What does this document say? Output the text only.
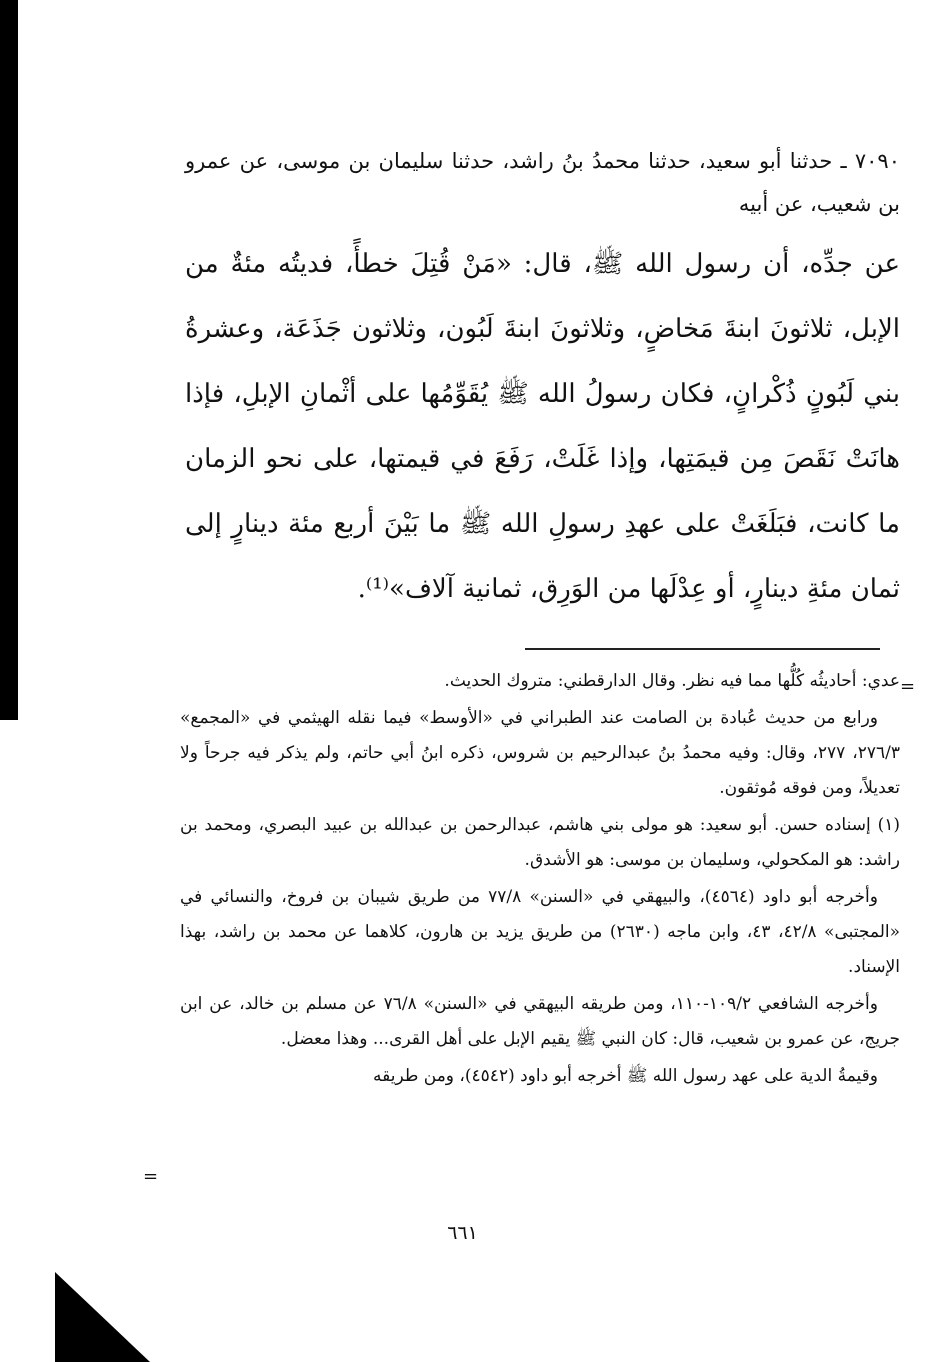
٧٠٩٠ ـ حدثنا أبو سعيد، حدثنا محمدُ بنُ راشد، حدثنا سليمان بن موسى، عن عمرو بن شعيب، عن أبيه

عن جدِّه، أن رسول الله ﷺ، قال: «مَنْ قُتِلَ خطأً، فديتُه مئةٌ من الإبل، ثلاثونَ ابنةَ مَخاضٍ، وثلاثونَ ابنةَ لَبُون، وثلاثون جَذَعَة، وعشرةُ بني لَبُونٍ ذُكْرانٍ، فكان رسولُ الله ﷺ يُقَوِّمُها على أثْمانِ الإبلِ، فإذا هانَتْ نَقَصَ مِن قيمَتِها، وإذا غَلَتْ، رَفَعَ في قيمتها، على نحو الزمان ما كانت، فبَلَغَتْ على عهدِ رسولِ الله ﷺ ما بَيْنَ أربع مئة دينارٍ إلى ثمان مئةِ دينارٍ، أو عِدْلَها من الوَرِق، ثمانية آلاف»⁽¹⁾.

عدي: أحاديثُه كُلُّها مما فيه نظر. وقال الدارقطني: متروك الحديث.

ورابع من حديث عُبادة بن الصامت عند الطبراني في «الأوسط» فيما نقله الهيثمي في «المجمع» ٢٧٦/٣، ٢٧٧، وقال: وفيه محمدُ بنُ عبدالرحيم بن شروس، ذكره ابنُ أبي حاتم، ولم يذكر فيه جرحاً ولا تعديلاً، ومن فوقه مُوثقون.

(١) إسناده حسن. أبو سعيد: هو مولى بني هاشم، عبدالرحمن بن عبدالله بن عبيد البصري، ومحمد بن راشد: هو المكحولي، وسليمان بن موسى: هو الأشدق.

وأخرجه أبو داود (٤٥٦٤)، والبيهقي في «السنن» ٧٧/٨ من طريق شيبان بن فروخ، والنسائي في «المجتبى» ٤٢/٨، ٤٣، وابن ماجه (٢٦٣٠) من طريق يزيد بن هارون، كلاهما عن محمد بن راشد، بهذا الإسناد.

وأخرجه الشافعي ١٠٩/٢-١١٠، ومن طريقه البيهقي في «السنن» ٧٦/٨ عن مسلم بن خالد، عن ابن جريج، عن عمرو بن شعيب، قال: كان النبي ﷺ يقيم الإبل على أهل القرى... وهذا معضل.

وقيمةُ الدية على عهد رسول الله ﷺ أخرجه أبو داود (٤٥٤٢)، ومن طريقه

=
=
٦٦١
